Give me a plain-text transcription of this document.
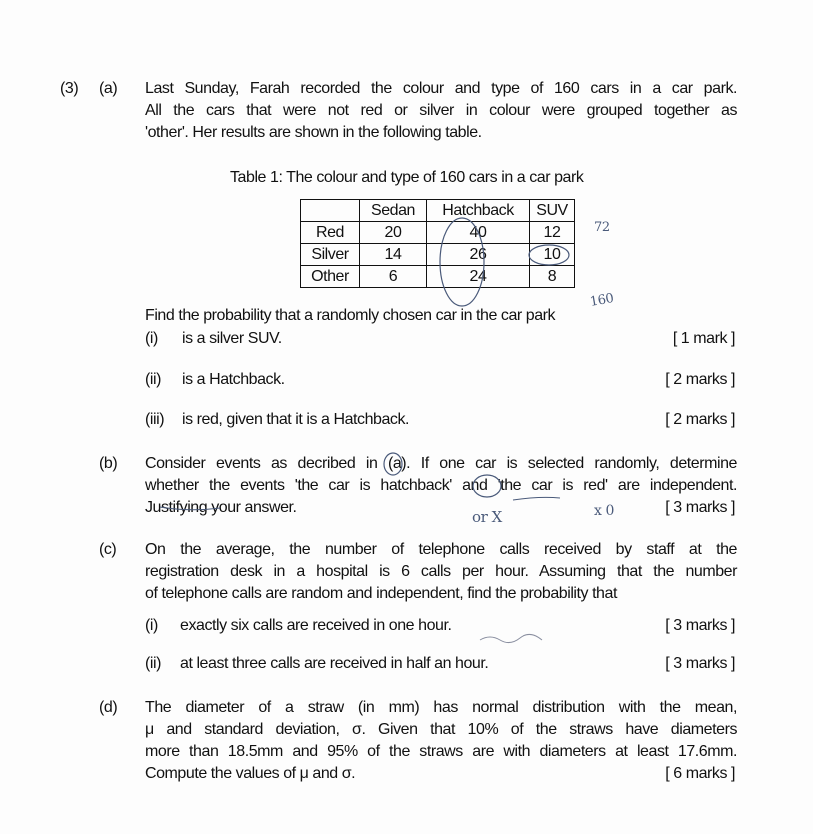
(3) (a) Last Sunday, Farah recorded the colour and type of 160 cars in a car park.
All the cars that were not red or silver in colour were grouped together as
'other'. Her results are shown in the following table.
Table 1: The colour and type of 160 cars in a car park
	Sedan	Hatchback	SUV
Red	20	40	12
Silver	14	26	10
Other	6	24	8
Find the probability that a randomly chosen car in the car park
(i) is a silver SUV.	[ 1 mark ]
(ii) is a Hatchback.	[ 2 marks ]
(iii) is red, given that it is a Hatchback.	[ 2 marks ]
(b) Consider events as decribed in (a). If one car is selected randomly, determine
whether the events 'the car is hatchback' and 'the car is red' are independent.
Justifying your answer.	[ 3 marks ]
(c) On the average, the number of telephone calls received by staff at the
registration desk in a hospital is 6 calls per hour. Assuming that the number
of telephone calls are random and independent, find the probability that
(i) exactly six calls are received in one hour.	[ 3 marks ]
(ii) at least three calls are received in half an hour.	[ 3 marks ]
(d) The diameter of a straw (in mm) has normal distribution with the mean,
μ and standard deviation, σ. Given that 10% of the straws have diameters
more than 18.5mm and 95% of the straws are with diameters at least 17.6mm.
Compute the values of μ and σ.	[ 6 marks ]
72
160
or X	x 0
